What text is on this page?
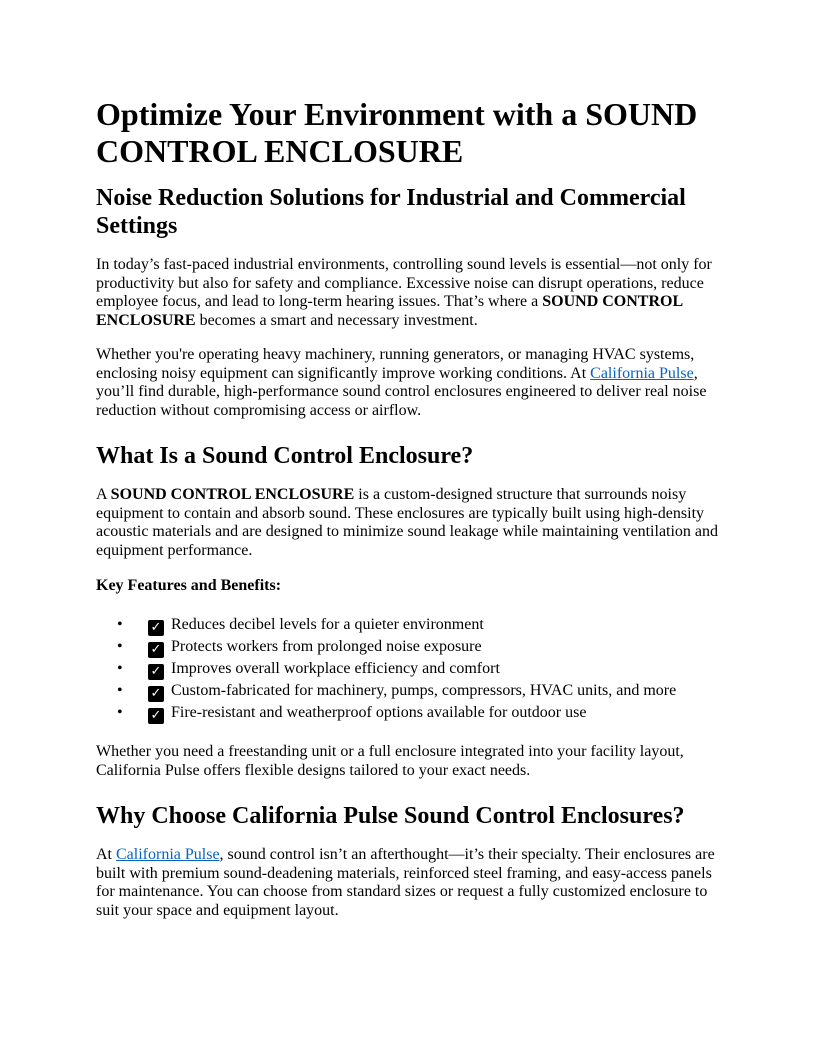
Optimize Your Environment with a SOUND CONTROL ENCLOSURE
Noise Reduction Solutions for Industrial and Commercial Settings

In today’s fast-paced industrial environments, controlling sound levels is essential—not only for productivity but also for safety and compliance. Excessive noise can disrupt operations, reduce employee focus, and lead to long-term hearing issues. That’s where a SOUND CONTROL ENCLOSURE becomes a smart and necessary investment.

Whether you're operating heavy machinery, running generators, or managing HVAC systems, enclosing noisy equipment can significantly improve working conditions. At California Pulse, you’ll find durable, high-performance sound control enclosures engineered to deliver real noise reduction without compromising access or airflow.

What Is a Sound Control Enclosure?

A SOUND CONTROL ENCLOSURE is a custom-designed structure that surrounds noisy equipment to contain and absorb sound. These enclosures are typically built using high-density acoustic materials and are designed to minimize sound leakage while maintaining ventilation and equipment performance.

Key Features and Benefits:
• ✓ Reduces decibel levels for a quieter environment
• ✓ Protects workers from prolonged noise exposure
• ✓ Improves overall workplace efficiency and comfort
• ✓ Custom-fabricated for machinery, pumps, compressors, HVAC units, and more
• ✓ Fire-resistant and weatherproof options available for outdoor use

Whether you need a freestanding unit or a full enclosure integrated into your facility layout, California Pulse offers flexible designs tailored to your exact needs.

Why Choose California Pulse Sound Control Enclosures?

At California Pulse, sound control isn’t an afterthought—it’s their specialty. Their enclosures are built with premium sound-deadening materials, reinforced steel framing, and easy-access panels for maintenance. You can choose from standard sizes or request a fully customized enclosure to suit your space and equipment layout.
